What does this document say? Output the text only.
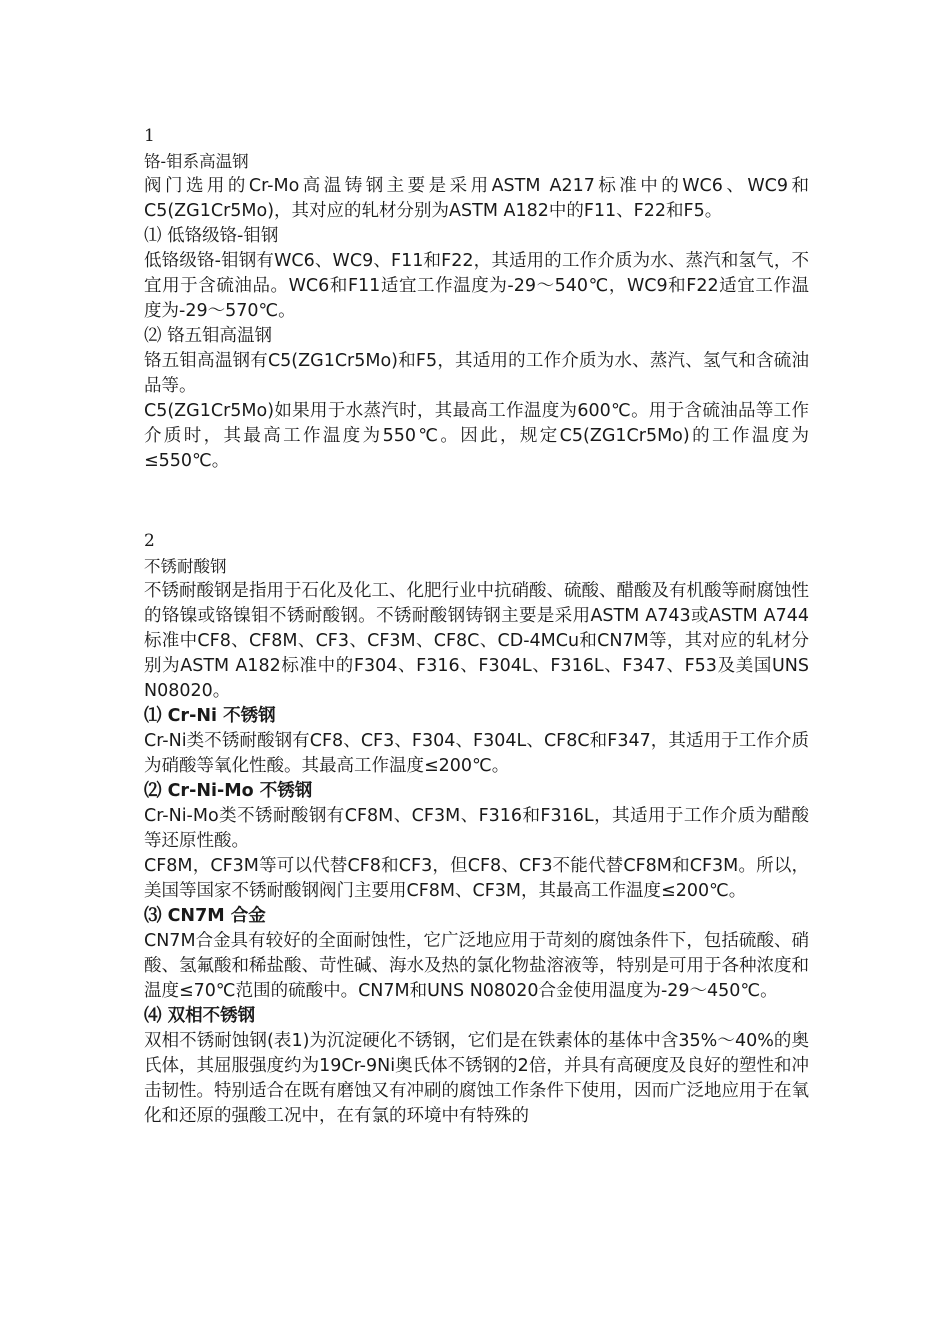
1
铬-钼系高温钢
阀门选用的Cr-Mo高温铸钢主要是采用ASTM A217标准中的WC6、WC9和C5(ZG1Cr5Mo)，其对应的轧材分别为ASTM A182中的F11、F22和F5。
⑴ 低铬级铬-钼钢
低铬级铬-钼钢有WC6、WC9、F11和F22，其适用的工作介质为水、蒸汽和氢气，不宜用于含硫油品。WC6和F11适宜工作温度为-29～540℃，WC9和F22适宜工作温度为-29～570℃。
⑵ 铬五钼高温钢
铬五钼高温钢有C5(ZG1Cr5Mo)和F5，其适用的工作介质为水、蒸汽、氢气和含硫油品等。
C5(ZG1Cr5Mo)如果用于水蒸汽时，其最高工作温度为600℃。用于含硫油品等工作介质时，其最高工作温度为550℃。因此，规定C5(ZG1Cr5Mo)的工作温度为≤550℃。
2
不锈耐酸钢
不锈耐酸钢是指用于石化及化工、化肥行业中抗硝酸、硫酸、醋酸及有机酸等耐腐蚀性的铬镍或铬镍钼不锈耐酸钢。不锈耐酸钢铸钢主要是采用ASTM A743或ASTM A744标准中CF8、CF8M、CF3、CF3M、CF8C、CD-4MCu和CN7M等，其对应的轧材分别为ASTM A182标准中的F304、F316、F304L、F316L、F347、F53及美国UNS N08020。
⑴ Cr-Ni 不锈钢
Cr-Ni类不锈耐酸钢有CF8、CF3、F304、F304L、CF8C和F347，其适用于工作介质为硝酸等氧化性酸。其最高工作温度≤200℃。
⑵ Cr-Ni-Mo 不锈钢
Cr-Ni-Mo类不锈耐酸钢有CF8M、CF3M、F316和F316L，其适用于工作介质为醋酸等还原性酸。
CF8M，CF3M等可以代替CF8和CF3，但CF8、CF3不能代替CF8M和CF3M。所以，美国等国家不锈耐酸钢阀门主要用CF8M、CF3M，其最高工作温度≤200℃。
⑶ CN7M 合金
CN7M合金具有较好的全面耐蚀性，它广泛地应用于苛刻的腐蚀条件下，包括硫酸、硝酸、氢氟酸和稀盐酸、苛性碱、海水及热的氯化物盐溶液等，特别是可用于各种浓度和温度≤70℃范围的硫酸中。CN7M和UNS N08020合金使用温度为-29～450℃。
⑷ 双相不锈钢
双相不锈耐蚀钢(表1)为沉淀硬化不锈钢，它们是在铁素体的基体中含35%～40%的奥氏体，其屈服强度约为19Cr-9Ni奥氏体不锈钢的2倍，并具有高硬度及良好的塑性和冲击韧性。特别适合在既有磨蚀又有冲刷的腐蚀工作条件下使用，因而广泛地应用于在氧化和还原的强酸工况中，在有氯的环境中有特殊的
